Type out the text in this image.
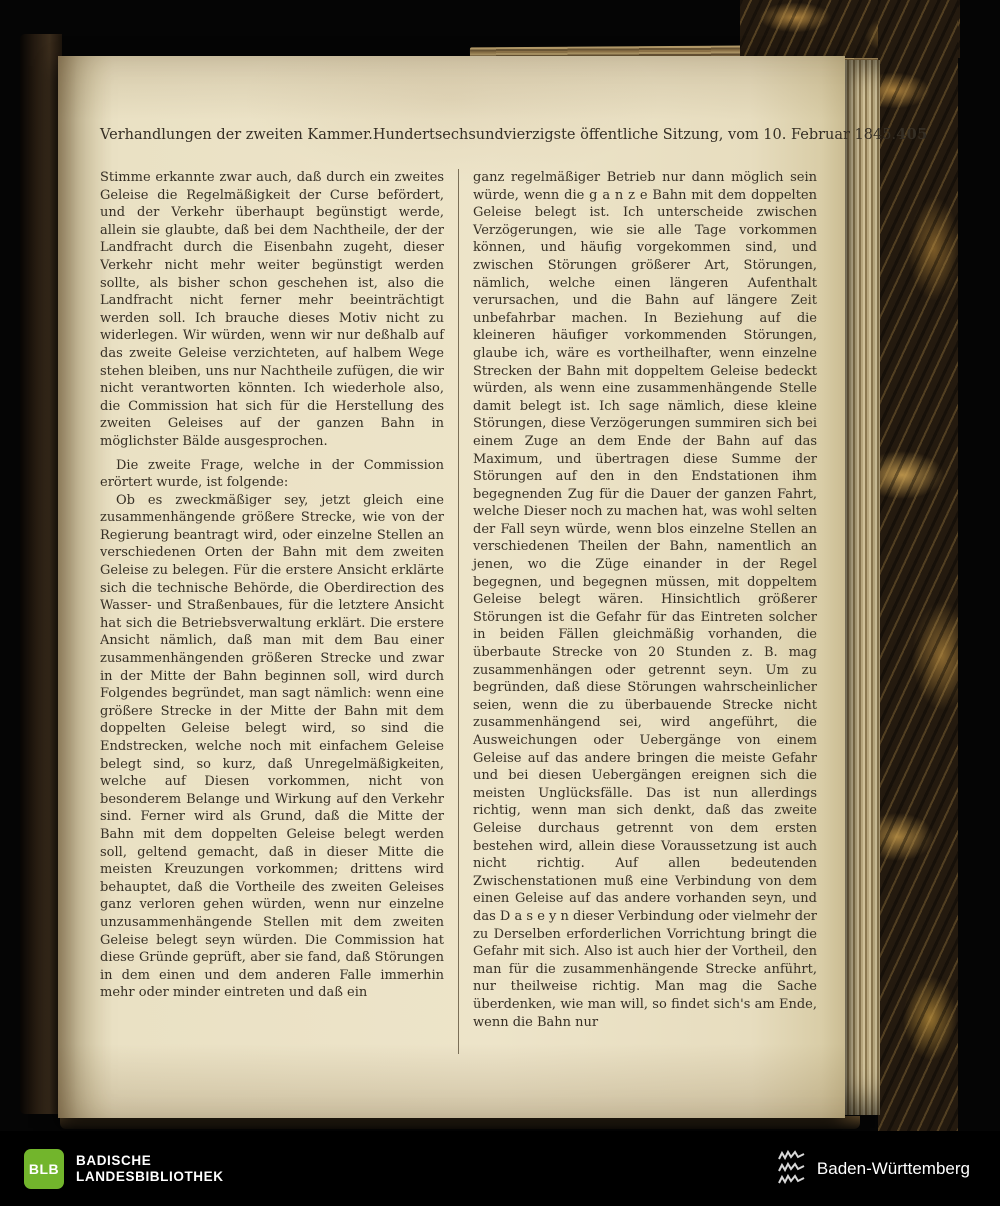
Verhandlungen der zweiten Kammer. Hundertsechsundvierzigste öffentliche Sitzung, vom 10. Februar 1845. 405

Stimme erkannte zwar auch, daß durch ein zweites Geleise die Regelmäßigkeit der Curse befördert, und der Verkehr überhaupt begünstigt werde, allein sie glaubte, daß bei dem Nachtheile, der der Landfracht durch die Eisenbahn zugeht, dieser Verkehr nicht mehr weiter begünstigt werden sollte, als bisher schon geschehen ist, also die Landfracht nicht ferner mehr beeinträchtigt werden soll. Ich brauche dieses Motiv nicht zu widerlegen. Wir würden, wenn wir nur deßhalb auf das zweite Geleise verzichteten, auf halbem Wege stehen bleiben, uns nur Nachtheile zufügen, die wir nicht verantworten könnten. Ich wiederhole also, die Commission hat sich für die Herstellung des zweiten Geleises auf der ganzen Bahn in möglichster Bälde ausgesprochen.

Die zweite Frage, welche in der Commission erörtert wurde, ist folgende:

Ob es zweckmäßiger sey, jetzt gleich eine zusammenhängende größere Strecke, wie von der Regierung beantragt wird, oder einzelne Stellen an verschiedenen Orten der Bahn mit dem zweiten Geleise zu belegen. Für die erstere Ansicht erklärte sich die technische Behörde, die Oberdirection des Wasser- und Straßenbaues, für die letztere Ansicht hat sich die Betriebsverwaltung erklärt. Die erstere Ansicht nämlich, daß man mit dem Bau einer zusammenhängenden größeren Strecke und zwar in der Mitte der Bahn beginnen soll, wird durch Folgendes begründet, man sagt nämlich: wenn eine größere Strecke in der Mitte der Bahn mit dem doppelten Geleise belegt wird, so sind die Endstrecken, welche noch mit einfachem Geleise belegt sind, so kurz, daß Unregelmäßigkeiten, welche auf Diesen vorkommen, nicht von besonderem Belange und Wirkung auf den Verkehr sind. Ferner wird als Grund, daß die Mitte der Bahn mit dem doppelten Geleise belegt werden soll, geltend gemacht, daß in dieser Mitte die meisten Kreuzungen vorkommen; drittens wird behauptet, daß die Vortheile des zweiten Geleises ganz verloren gehen würden, wenn nur einzelne unzusammenhängende Stellen mit dem zweiten Geleise belegt seyn würden. Die Commission hat diese Gründe geprüft, aber sie fand, daß Störungen in dem einen und dem anderen Falle immerhin mehr oder minder eintreten und daß ein

ganz regelmäßiger Betrieb nur dann möglich sein würde, wenn die g a n z e Bahn mit dem doppelten Geleise belegt ist. Ich unterscheide zwischen Verzögerungen, wie sie alle Tage vorkommen können, und häufig vorgekommen sind, und zwischen Störungen größerer Art, Störungen, nämlich, welche einen längeren Aufenthalt verursachen, und die Bahn auf längere Zeit unbefahrbar machen. In Beziehung auf die kleineren häufiger vorkommenden Störungen, glaube ich, wäre es vortheilhafter, wenn einzelne Strecken der Bahn mit doppeltem Geleise bedeckt würden, als wenn eine zusammenhängende Stelle damit belegt ist. Ich sage nämlich, diese kleine Störungen, diese Verzögerungen summiren sich bei einem Zuge an dem Ende der Bahn auf das Maximum, und übertragen diese Summe der Störungen auf den in den Endstationen ihm begegnenden Zug für die Dauer der ganzen Fahrt, welche Dieser noch zu machen hat, was wohl selten der Fall seyn würde, wenn blos einzelne Stellen an verschiedenen Theilen der Bahn, namentlich an jenen, wo die Züge einander in der Regel begegnen, und begegnen müssen, mit doppeltem Geleise belegt wären. Hinsichtlich größerer Störungen ist die Gefahr für das Eintreten solcher in beiden Fällen gleichmäßig vorhanden, die überbaute Strecke von 20 Stunden z. B. mag zusammenhängen oder getrennt seyn. Um zu begründen, daß diese Störungen wahrscheinlicher seien, wenn die zu überbauende Strecke nicht zusammenhängend sei, wird angeführt, die Ausweichungen oder Uebergänge von einem Geleise auf das andere bringen die meiste Gefahr und bei diesen Uebergängen ereignen sich die meisten Unglücksfälle. Das ist nun allerdings richtig, wenn man sich denkt, daß das zweite Geleise durchaus getrennt von dem ersten bestehen wird, allein diese Voraussetzung ist auch nicht richtig. Auf allen bedeutenden Zwischenstationen muß eine Verbindung von dem einen Geleise auf das andere vorhanden seyn, und das D a s e y n dieser Verbindung oder vielmehr der zu Derselben erforderlichen Vorrichtung bringt die Gefahr mit sich. Also ist auch hier der Vortheil, den man für die zusammenhängende Strecke anführt, nur theilweise richtig. Man mag die Sache überdenken, wie man will, so findet sich's am Ende, wenn die Bahn nur

BLB
BADISCHE
LANDESBIBLIOTHEK	Baden-Württemberg
